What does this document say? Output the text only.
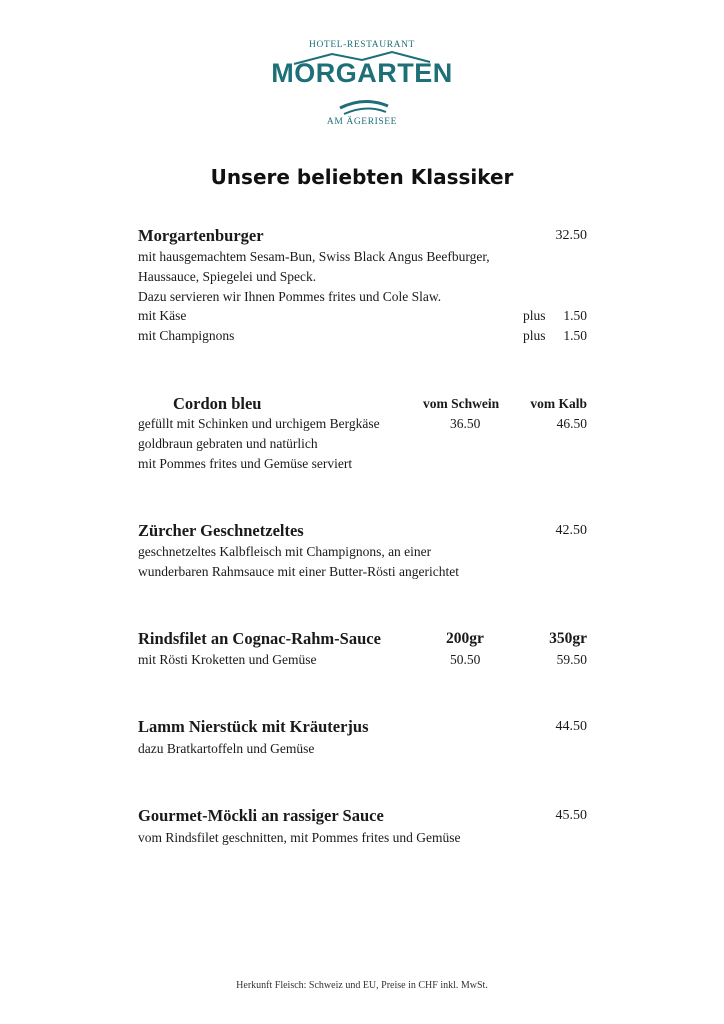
HOTEL-RESTAURANT
MORGARTEN
AM ÄGERISEE
Unsere beliebten Klassiker
Morgartenburger	32.50
mit hausgemachtem Sesam-Bun, Swiss Black Angus Beefburger,
Haussauce, Spiegelei und Speck.
Dazu servieren wir Ihnen Pommes frites und Cole Slaw.
mit Käse	plus	1.50
mit Champignons	plus	1.50
Cordon bleu	vom Schwein	vom Kalb
gefüllt mit Schinken und urchigem Bergkäse	36.50	46.50
goldbraun gebraten und natürlich
mit Pommes frites und Gemüse serviert
Zürcher Geschnetzeltes	42.50
geschnetzeltes Kalbfleisch mit Champignons, an einer
wunderbaren Rahmsauce mit einer Butter-Rösti angerichtet
Rindsfilet an Cognac-Rahm-Sauce	200gr	350gr
mit Rösti Kroketten und Gemüse	50.50	59.50
Lamm Nierstück mit Kräuterjus	44.50
dazu Bratkartoffeln und Gemüse
Gourmet-Möckli an rassiger Sauce	45.50
vom Rindsfilet geschnitten, mit Pommes frites und Gemüse
Herkunft Fleisch: Schweiz und EU, Preise in CHF inkl. MwSt.
